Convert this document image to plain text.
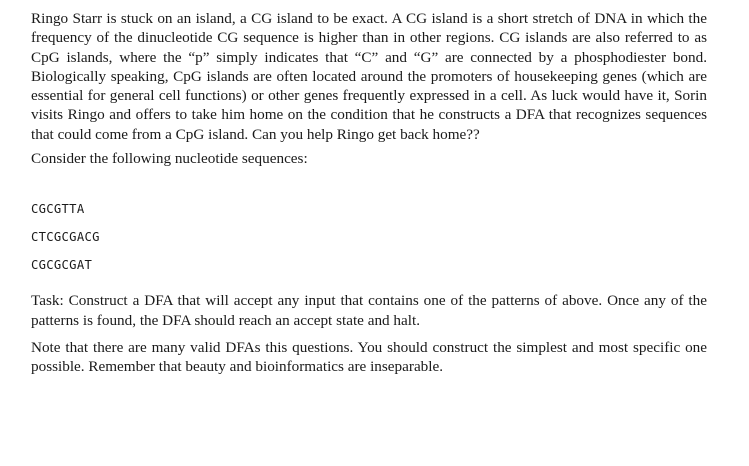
Ringo Starr is stuck on an island, a CG island to be exact. A CG island is a short stretch of DNA in which the frequency of the dinucleotide CG sequence is higher than in other regions. CG islands are also referred to as CpG islands, where the “p” simply indicates that “C” and “G” are connected by a phosphodiester bond. Biologically speaking, CpG islands are often located around the promoters of housekeeping genes (which are essential for general cell functions) or other genes frequently expressed in a cell. As luck would have it, Sorin visits Ringo and offers to take him home on the condition that he constructs a DFA that recognizes sequences that could come from a CpG island. Can you help Ringo get back home??

Consider the following nucleotide sequences:

CGCGTTA
CTCGCGACG
CGCGCGAT

Task: Construct a DFA that will accept any input that contains one of the patterns of above. Once any of the patterns is found, the DFA should reach an accept state and halt.

Note that there are many valid DFAs this questions. You should construct the simplest and most specific one possible. Remember that beauty and bioinformatics are inseparable.
